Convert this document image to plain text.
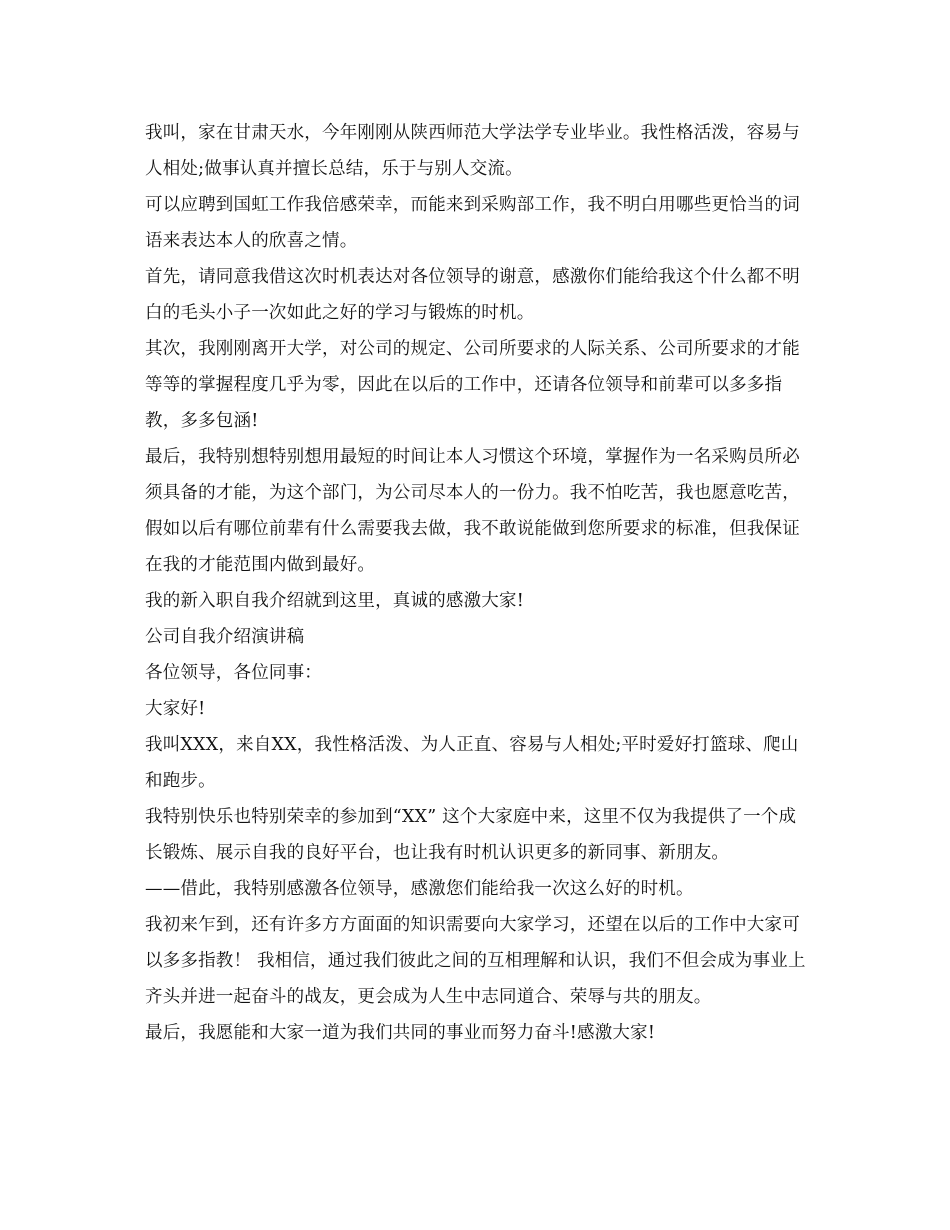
我叫，家在甘肃天水，今年刚刚从陕西师范大学法学专业毕业。我性格活泼，容易与人相处;做事认真并擅长总结，乐于与别人交流。

可以应聘到国虹工作我倍感荣幸，而能来到采购部工作，我不明白用哪些更恰当的词语来表达本人的欣喜之情。

首先，请同意我借这次时机表达对各位领导的谢意，感激你们能给我这个什么都不明白的毛头小子一次如此之好的学习与锻炼的时机。

其次，我刚刚离开大学，对公司的规定、公司所要求的人际关系、公司所要求的才能等等的掌握程度几乎为零，因此在以后的工作中，还请各位领导和前辈可以多多指教，多多包涵!

最后，我特别想特别想用最短的时间让本人习惯这个环境，掌握作为一名采购员所必须具备的才能，为这个部门，为公司尽本人的一份力。我不怕吃苦，我也愿意吃苦，假如以后有哪位前辈有什么需要我去做，我不敢说能做到您所要求的标准，但我保证在我的才能范围内做到最好。

我的新入职自我介绍就到这里，真诚的感激大家!

公司自我介绍演讲稿

各位领导，各位同事：

大家好!

我叫XXX，来自XX，我性格活泼、为人正直、容易与人相处;平时爱好打篮球、爬山和跑步。

我特别快乐也特别荣幸的参加到“XX” 这个大家庭中来，这里不仅为我提供了一个成长锻炼、展示自我的良好平台，也让我有时机认识更多的新同事、新朋友。

——借此，我特别感激各位领导，感激您们能给我一次这么好的时机。

我初来乍到，还有许多方方面面的知识需要向大家学习，还望在以后的工作中大家可以多多指教！ 我相信，通过我们彼此之间的互相理解和认识，我们不但会成为事业上齐头并进一起奋斗的战友，更会成为人生中志同道合、荣辱与共的朋友。

最后，我愿能和大家一道为我们共同的事业而努力奋斗!感激大家!
